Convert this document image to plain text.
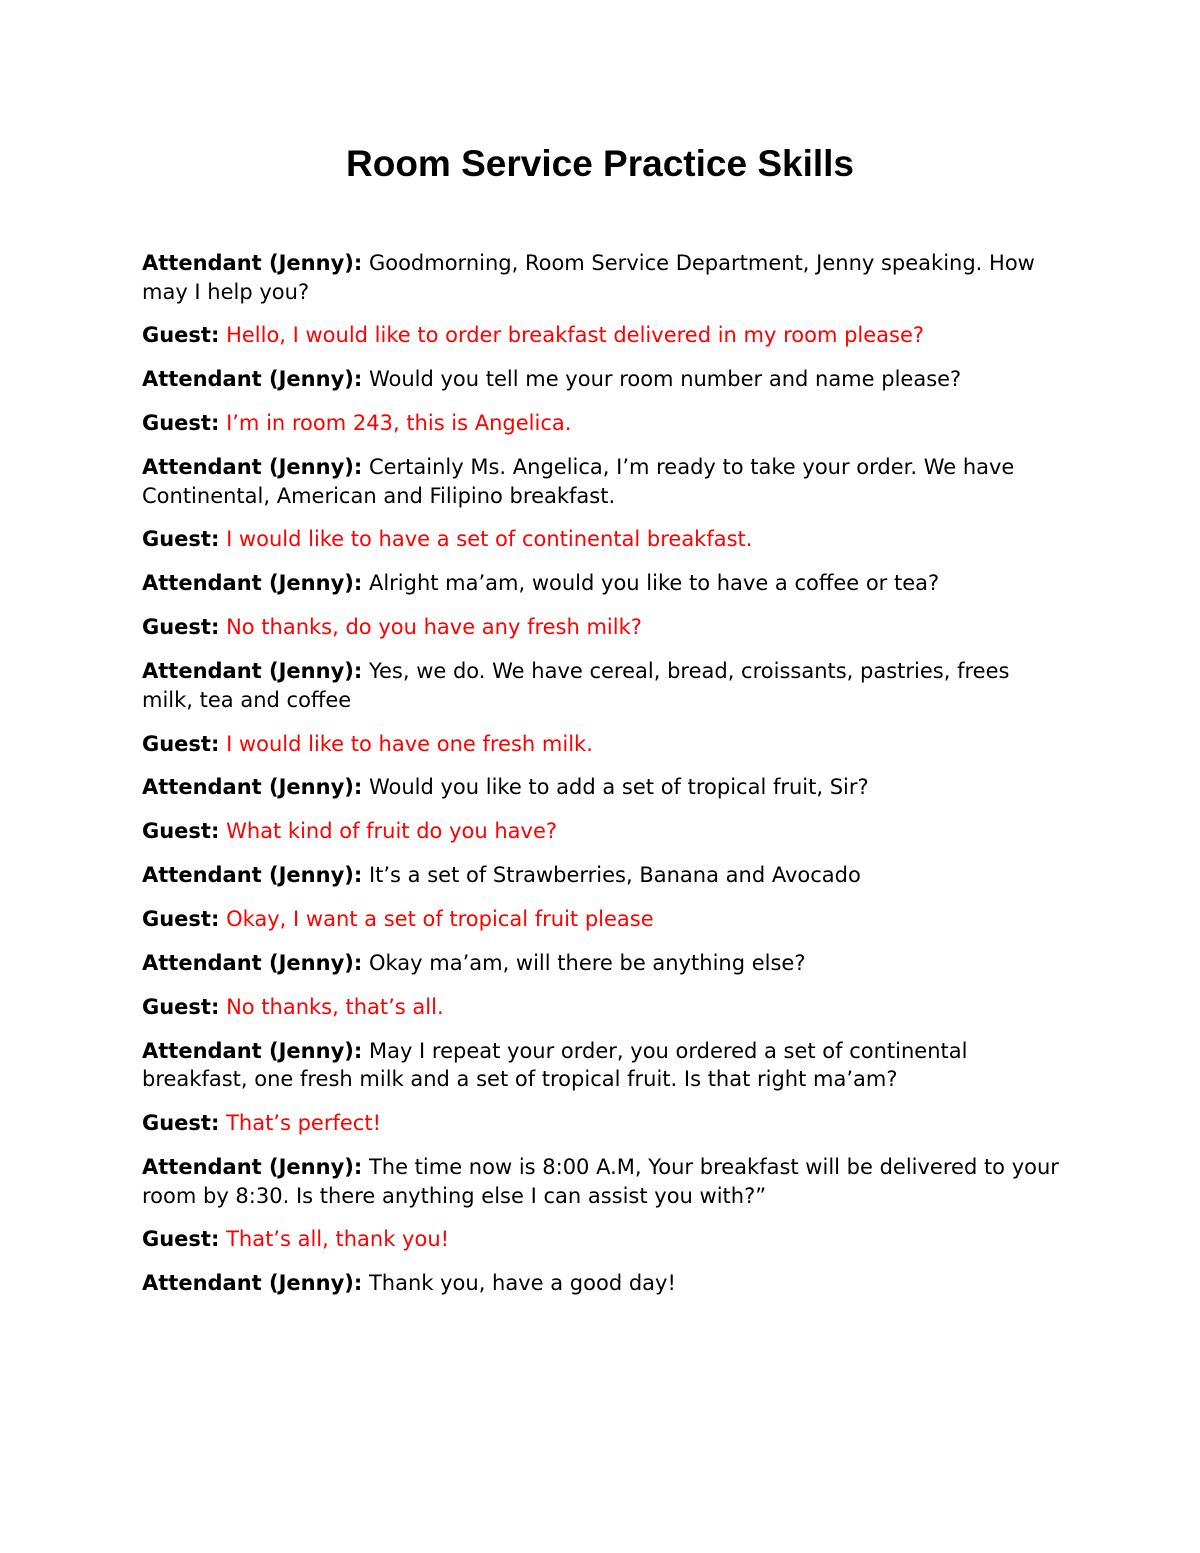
Room Service Practice Skills
Attendant (Jenny): Goodmorning, Room Service Department, Jenny speaking. How may I help you?
Guest: Hello, I would like to order breakfast delivered in my room please?
Attendant (Jenny): Would you tell me your room number and name please?
Guest: I’m in room 243, this is Angelica.
Attendant (Jenny): Certainly Ms. Angelica, I’m ready to take your order. We have Continental, American and Filipino breakfast.
Guest: I would like to have a set of continental breakfast.
Attendant (Jenny): Alright ma’am, would you like to have a coffee or tea?
Guest: No thanks, do you have any fresh milk?
Attendant (Jenny): Yes, we do. We have cereal, bread, croissants, pastries, frees milk, tea and coffee
Guest: I would like to have one fresh milk.
Attendant (Jenny): Would you like to add a set of tropical fruit, Sir?
Guest: What kind of fruit do you have?
Attendant (Jenny): It’s a set of Strawberries, Banana and Avocado
Guest: Okay, I want a set of tropical fruit please
Attendant (Jenny): Okay ma’am, will there be anything else?
Guest: No thanks, that’s all.
Attendant (Jenny): May I repeat your order, you ordered a set of continental breakfast, one fresh milk and a set of tropical fruit. Is that right ma’am?
Guest: That’s perfect!
Attendant (Jenny): The time now is 8:00 A.M, Your breakfast will be delivered to your room by 8:30. Is there anything else I can assist you with?”
Guest: That’s all, thank you!
Attendant (Jenny): Thank you, have a good day!
